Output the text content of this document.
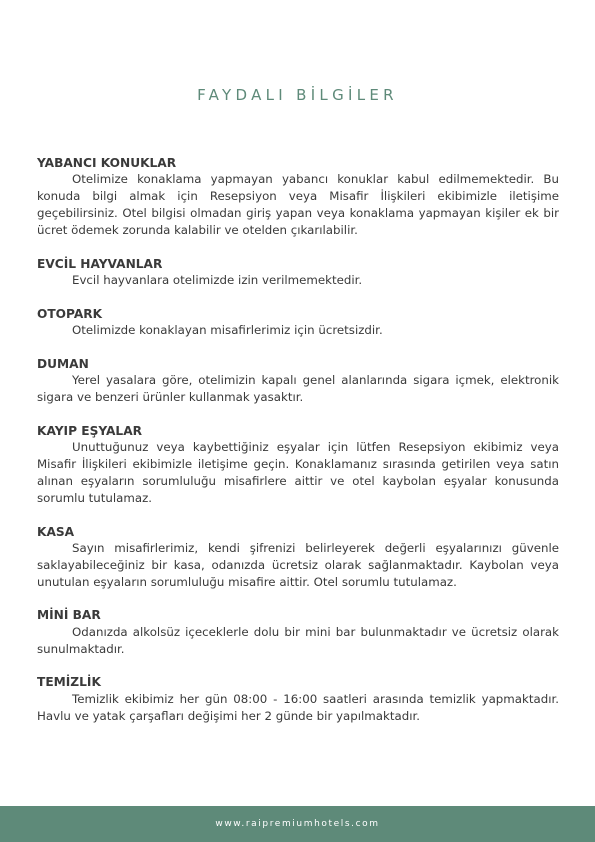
FAYDALI BİLGİLER
YABANCI KONUKLAR

Otelimize konaklama yapmayan yabancı konuklar kabul edilmemektedir. Bu konuda bilgi almak için Resepsiyon veya Misafir İlişkileri ekibimizle iletişime geçebilirsiniz. Otel bilgisi olmadan giriş yapan veya konaklama yapmayan kişiler ek bir ücret ödemek zorunda kalabilir ve otelden çıkarılabilir.

EVCİL HAYVANLAR

Evcil hayvanlara otelimizde izin verilmemektedir.

OTOPARK

Otelimizde konaklayan misafirlerimiz için ücretsizdir.

DUMAN

Yerel yasalara göre, otelimizin kapalı genel alanlarında sigara içmek, elektronik sigara ve benzeri ürünler kullanmak yasaktır.

KAYIP EŞYALAR

Unuttuğunuz veya kaybettiğiniz eşyalar için lütfen Resepsiyon ekibimiz veya Misafir İlişkileri ekibimizle iletişime geçin. Konaklamanız sırasında getirilen veya satın alınan eşyaların sorumluluğu misafirlere aittir ve otel kaybolan eşyalar konusunda sorumlu tutulamaz.

KASA

Sayın misafirlerimiz, kendi şifrenizi belirleyerek değerli eşyalarınızı güvenle saklayabileceğiniz bir kasa, odanızda ücretsiz olarak sağlanmaktadır. Kaybolan veya unutulan eşyaların sorumluluğu misafire aittir. Otel sorumlu tutulamaz.

MİNİ BAR

Odanızda alkolsüz içeceklerle dolu bir mini bar bulunmaktadır ve ücretsiz olarak sunulmaktadır.

TEMİZLİK

Temizlik ekibimiz her gün 08:00 - 16:00 saatleri arasında temizlik yapmaktadır. Havlu ve yatak çarşafları değişimi her 2 günde bir yapılmaktadır.

www.raipremiumhotels.com
